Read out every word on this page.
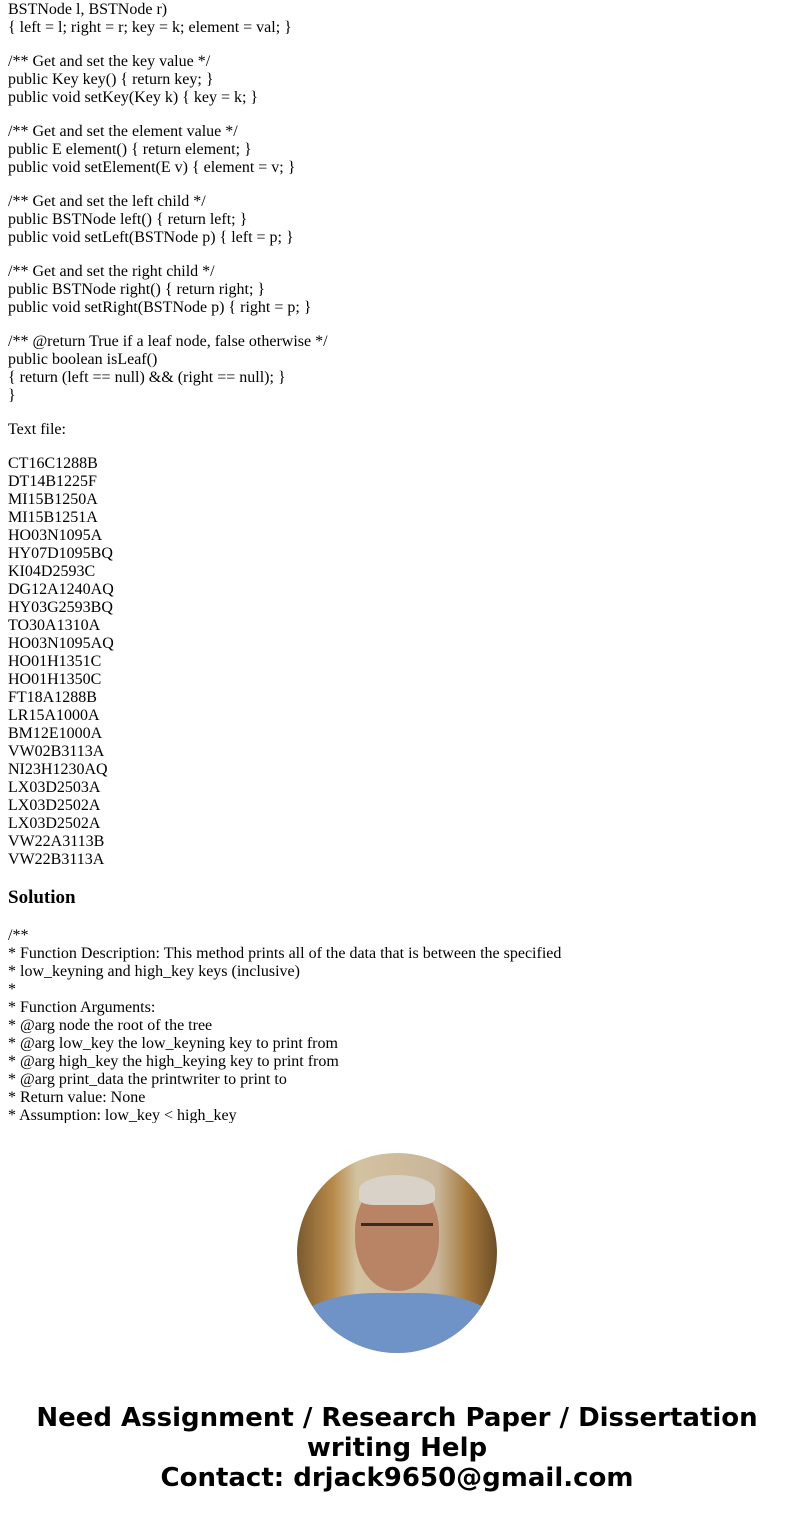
BSTNode l, BSTNode r)
{ left = l; right = r; key = k; element = val; }

/** Get and set the key value */
public Key key() { return key; }
public void setKey(Key k) { key = k; }

/** Get and set the element value */
public E element() { return element; }
public void setElement(E v) { element = v; }

/** Get and set the left child */
public BSTNode left() { return left; }
public void setLeft(BSTNode p) { left = p; }

/** Get and set the right child */
public BSTNode right() { return right; }
public void setRight(BSTNode p) { right = p; }

/** @return True if a leaf node, false otherwise */
public boolean isLeaf()
{ return (left == null) && (right == null); }
}

Text file:

CT16C1288B
DT14B1225F
MI15B1250A
MI15B1251A
HO03N1095A
HY07D1095BQ
KI04D2593C
DG12A1240AQ
HY03G2593BQ
TO30A1310A
HO03N1095AQ
HO01H1351C
HO01H1350C
FT18A1288B
LR15A1000A
BM12E1000A
VW02B3113A
NI23H1230AQ
LX03D2503A
LX03D2502A
LX03D2502A
VW22A3113B
VW22B3113A

Solution

/**
* Function Description: This method prints all of the data that is between the specified
* low_keyning and high_key keys (inclusive)
*
* Function Arguments:
* @arg node the root of the tree
* @arg low_key the low_keyning key to print from
* @arg high_key the high_keying key to print from
* @arg print_data the printwriter to print to
* Return value: None
* Assumption: low_key < high_key

Need Assignment / Research Paper / Dissertation
writing Help
Contact: drjack9650@gmail.com
